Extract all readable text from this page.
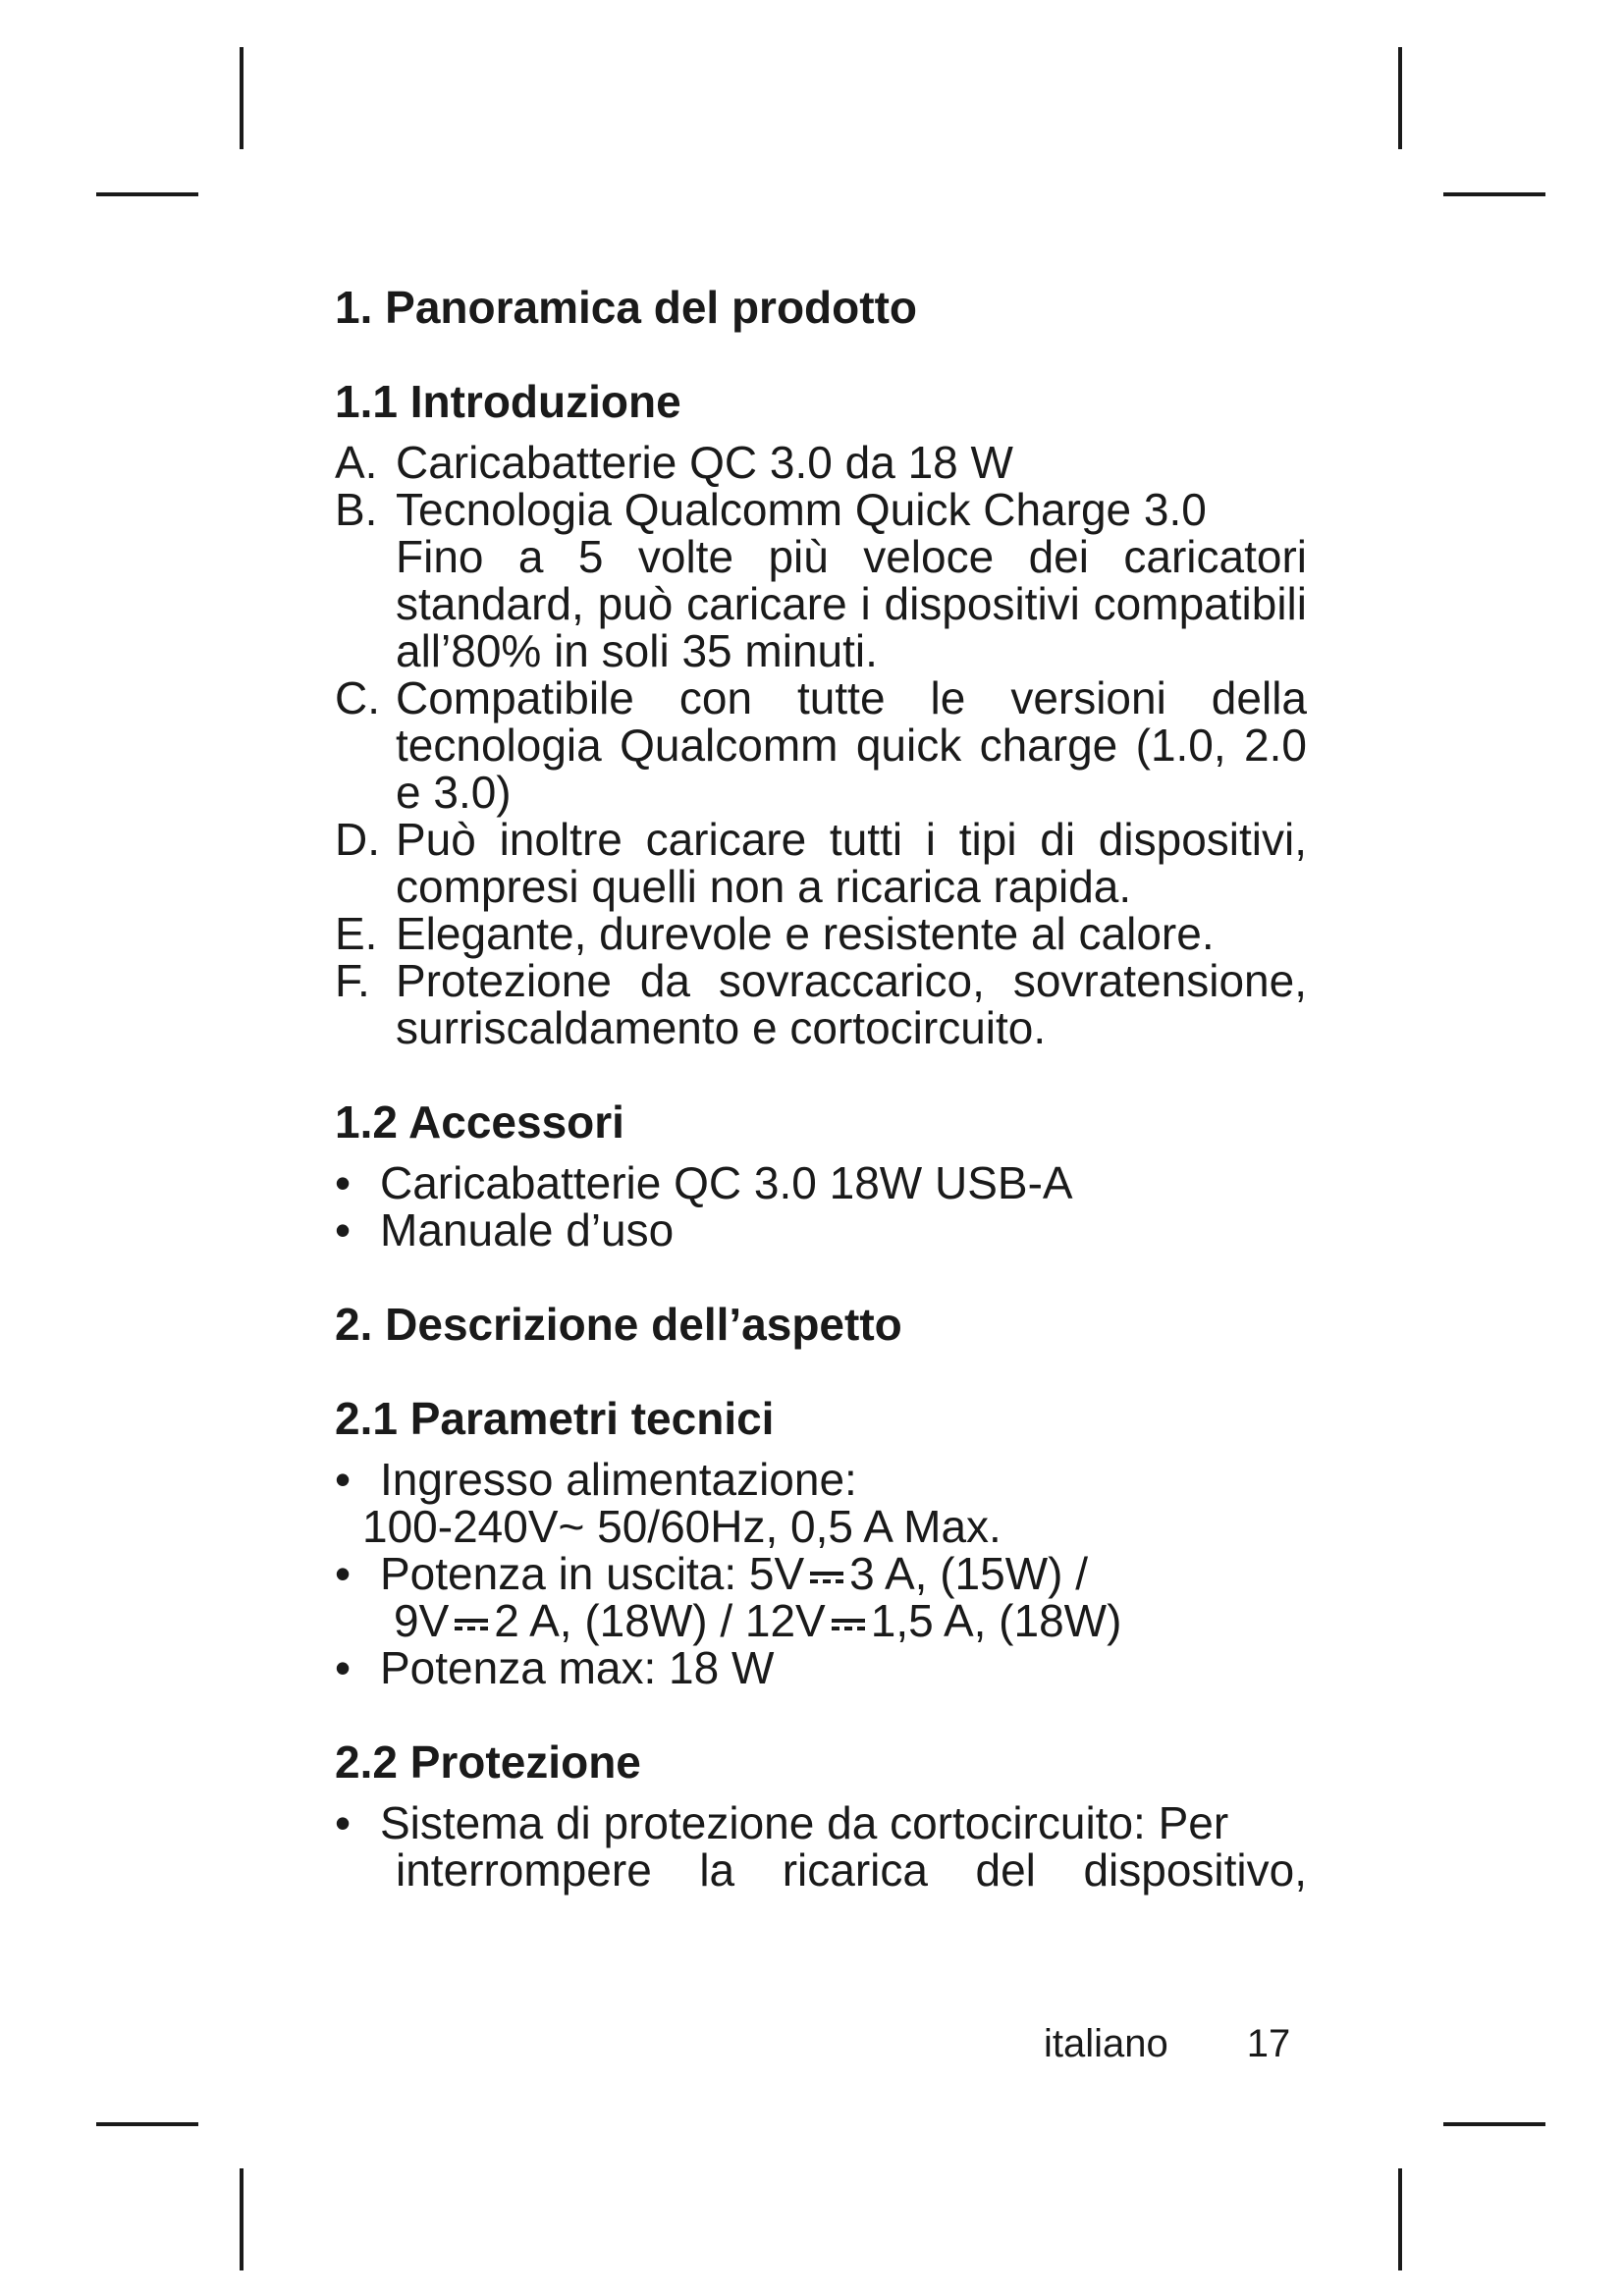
1. Panoramica del prodotto
1.1 Introduzione
A. Caricabatterie QC 3.0 da 18 W
B. Tecnologia Qualcomm Quick Charge 3.0
Fino a 5 volte più veloce dei caricatori standard, può caricare i dispositivi compatibili all’80% in soli 35 minuti.
C. Compatibile con tutte le versioni della tecnologia Qualcomm quick charge (1.0, 2.0 e 3.0)
D. Può inoltre caricare tutti i tipi di dispositivi, compresi quelli non a ricarica rapida.
E. Elegante, durevole e resistente al calore.
F. Protezione da sovraccarico, sovratensione, surriscaldamento e cortocircuito.
1.2 Accessori
• Caricabatterie QC 3.0 18W USB-A
• Manuale d’uso
2. Descrizione dell’aspetto
2.1 Parametri tecnici
• Ingresso alimentazione:
100-240V~ 50/60Hz, 0,5 A Max.
• Potenza in uscita: 5V 3 A, (15W) /
9V 2 A, (18W) / 12V 1,5 A, (18W)
• Potenza max: 18 W
2.2 Protezione
• Sistema di protezione da cortocircuito: Per
interrompere la ricarica del dispositivo,
italiano 17
